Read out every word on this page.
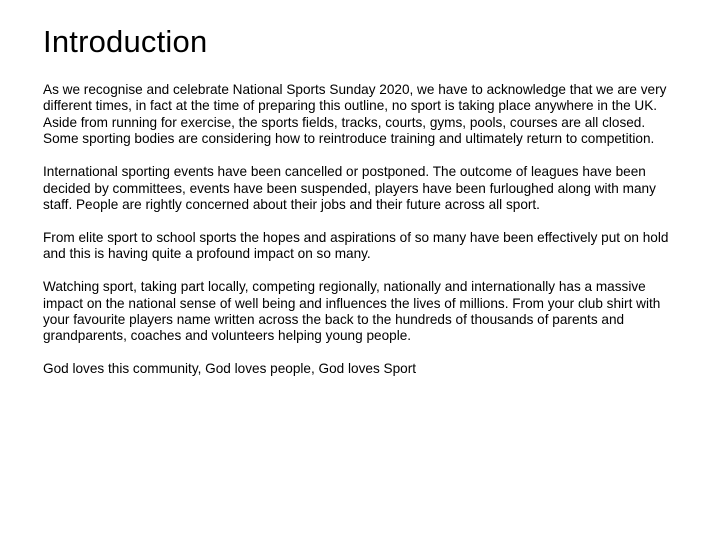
Introduction

As we recognise and celebrate National Sports Sunday 2020, we have to acknowledge that we are very different times, in fact at the time of preparing this outline, no sport is taking place anywhere in the UK. Aside from running for exercise, the sports fields, tracks, courts, gyms, pools, courses are all closed. Some sporting bodies are considering how to reintroduce training and ultimately return to competition.

International sporting events have been cancelled or postponed. The outcome of leagues have been decided by committees, events have been suspended, players have been furloughed along with many staff. People are rightly concerned about their jobs and their future across all sport.

From elite sport to school sports the hopes and aspirations of so many have been effectively put on hold and this is having quite a profound impact on so many.

Watching sport, taking part locally, competing regionally, nationally and internationally has a massive impact on the national sense of well being and influences the lives of millions. From your club shirt with your favourite players name written across the back to the hundreds of thousands of parents and grandparents, coaches and volunteers helping young people.

God loves this community, God loves people, God loves Sport
